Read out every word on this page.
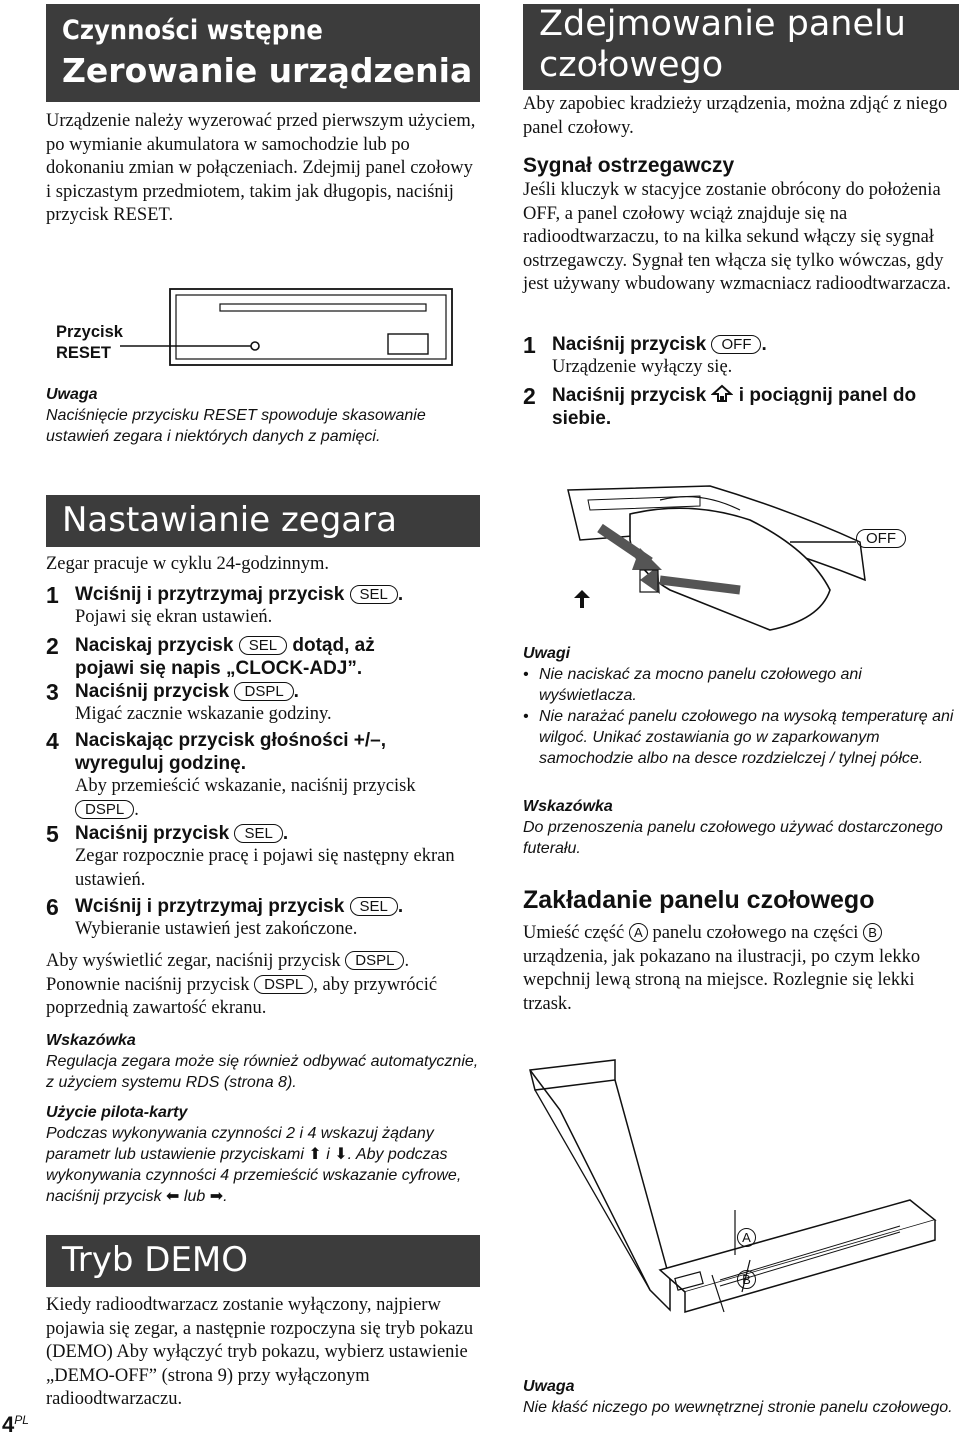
Czynności wstępne
Zerowanie urządzenia
Urządzenie należy wyzerować przed pierwszym użyciem, po wymianie akumulatora w samochodzie lub po dokonaniu zmian w połączeniach. Zdejmij panel czołowy i spiczastym przedmiotem, takim jak długopis, naciśnij przycisk RESET.
Przycisk
RESET
Uwaga
Naciśnięcie przycisku RESET spowoduje skasowanie ustawień zegara i niektórych danych z pamięci.
Nastawianie zegara
Zegar pracuje w cyklu 24-godzinnym.
1 Wciśnij i przytrzymaj przycisk SEL .
Pojawi się ekran ustawień.
2 Naciskaj przycisk SEL dotąd, aż
pojawi się napis „CLOCK-ADJ”.
3 Naciśnij przycisk DSPL .
Migać zacznie wskazanie godziny.
4 Naciskając przycisk głośności +/–, wyreguluj godzinę.
Aby przemieścić wskazanie, naciśnij przycisk
DSPL .
5 Naciśnij przycisk SEL .
Zegar rozpocznie pracę i pojawi się następny ekran ustawień.
6 Wciśnij i przytrzymaj przycisk SEL .
Wybieranie ustawień jest zakończone.
Aby wyświetlić zegar, naciśnij przycisk DSPL . Ponownie naciśnij przycisk DSPL , aby przywrócić poprzednią zawartość ekranu.
Wskazówka
Regulacja zegara może się również odbywać automatycznie, z użyciem systemu RDS (strona 8).
Użycie pilota-karty
Podczas wykonywania czynności 2 i 4 wskazuj żądany parametr lub ustawienie przyciskami ⬆ i ⬇. Aby podczas wykonywania czynności 4 przemieścić wskazanie cyfrowe, naciśnij przycisk ⬅ lub ➡.
Tryb DEMO
Kiedy radioodtwarzacz zostanie wyłączony, najpierw pojawia się zegar, a następnie rozpoczyna się tryb pokazu (DEMO) Aby wyłączyć tryb pokazu, wybierz ustawienie „DEMO-OFF” (strona 9) przy wyłączonym radioodtwarzaczu.
$4^{PL}$
Zdejmowanie panelu czołowego
Aby zapobiec kradzieży urządzenia, można zdjąć z niego panel czołowy.
Sygnał ostrzegawczy
Jeśli kluczyk w stacyjce zostanie obrócony do położenia OFF, a panel czołowy wciąż znajduje się na radioodtwarzaczu, to na kilka sekund włączy się sygnał ostrzegawczy. Sygnał ten włącza się tylko wówczas, gdy jest używany wbudowany wzmacniacz radioodtwarzacza.
1 Naciśnij przycisk OFF .
Urządzenie wyłączy się.
2 Naciśnij przycisk i pociągnij panel do siebie.
OFF
Uwagi
• Nie naciskać za mocno panelu czołowego ani wyświetlacza.
• Nie narażać panelu czołowego na wysoką temperaturę ani wilgoć. Unikać zostawiania go w zaparkowanym samochodzie albo na desce rozdzielczej / tylnej półce.
Wskazówka
Do przenoszenia panelu czołowego używać dostarczonego futerału.
Zakładanie panelu czołowego
Umieść część A panelu czołowego na części B urządzenia, jak pokazano na ilustracji, po czym lekko wepchnij lewą stroną na miejsce. Rozlegnie się lekki trzask.
A
B
Uwaga
Nie kłaść niczego po wewnętrznej stronie panelu czołowego.
